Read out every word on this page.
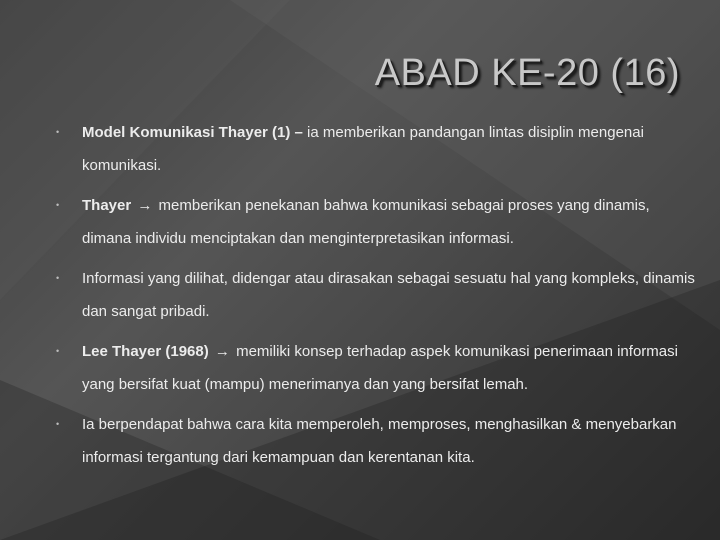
ABAD KE-20 (16)
• Model Komunikasi Thayer (1) – ia memberikan pandangan lintas disiplin mengenai komunikasi.
• Thayer → memberikan penekanan bahwa komunikasi sebagai proses yang dinamis, dimana individu menciptakan dan menginterpretasikan informasi.
• Informasi yang dilihat, didengar atau dirasakan sebagai sesuatu hal yang kompleks, dinamis dan sangat pribadi.
• Lee Thayer (1968) → memiliki konsep terhadap aspek komunikasi penerimaan informasi yang bersifat kuat (mampu) menerimanya dan yang bersifat lemah.
• Ia berpendapat bahwa cara kita memperoleh, memproses, menghasilkan & menyebarkan informasi tergantung dari kemampuan dan kerentanan kita.
